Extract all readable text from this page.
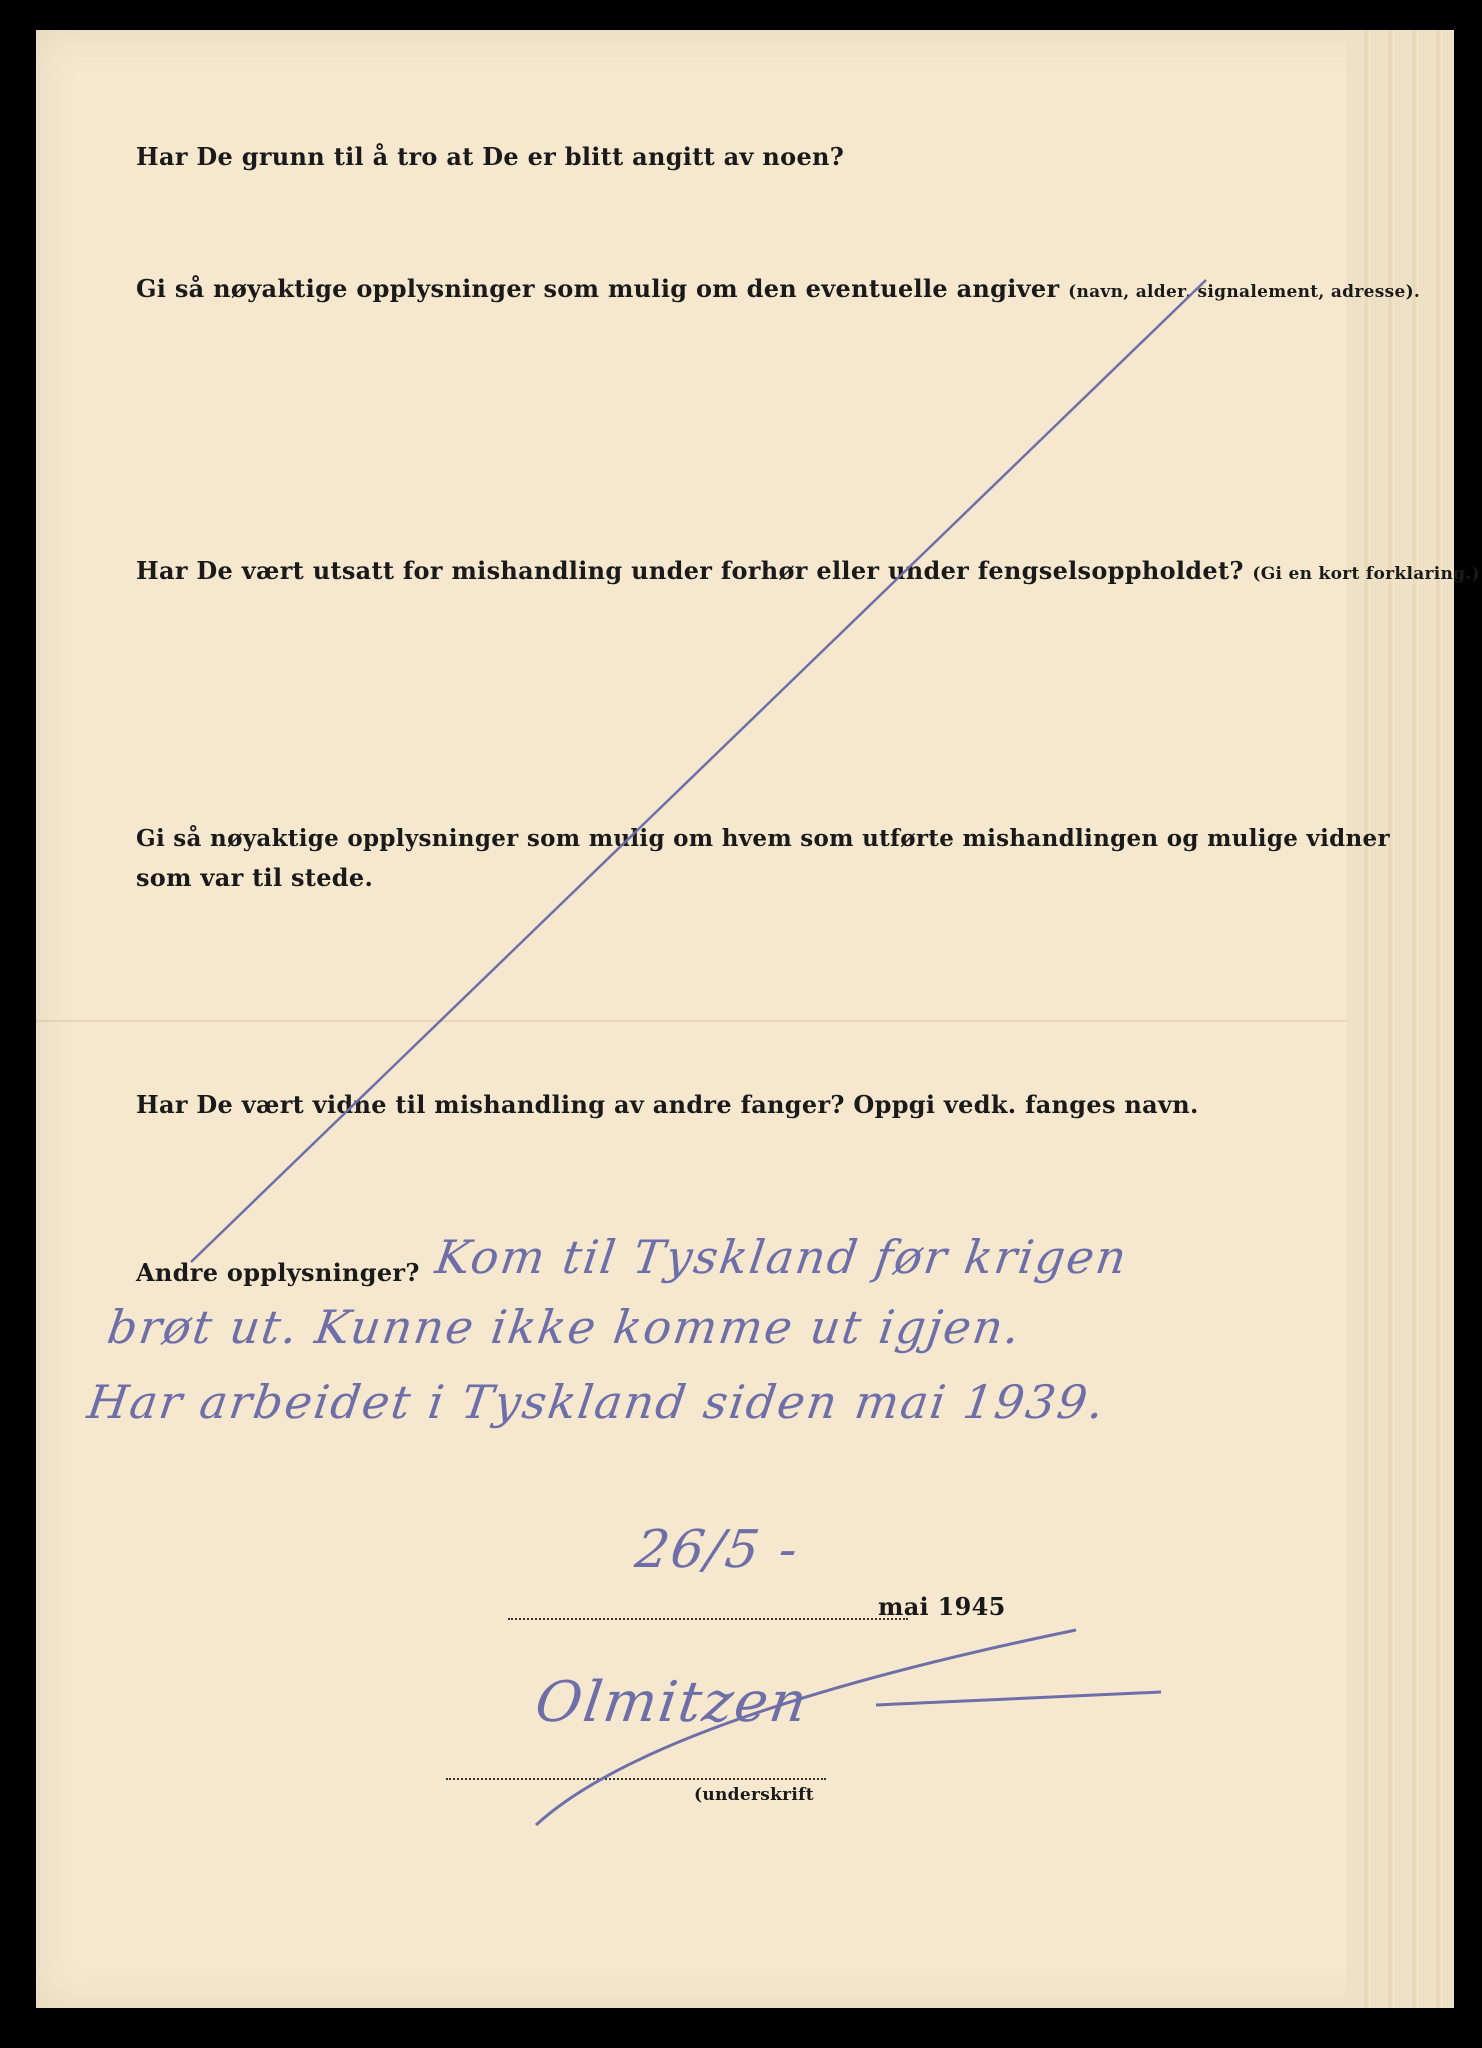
Har De grunn til å tro at De er blitt angitt av noen?
Gi så nøyaktige opplysninger som mulig om den eventuelle angiver (navn, alder, signalement, adresse).
Har De vært utsatt for mishandling under forhør eller under fengselsoppholdet? (Gi en kort forklaring.)
Gi så nøyaktige opplysninger som mulig om hvem som utførte mishandlingen og mulige vidner
som var til stede.
Har De vært vidne til mishandling av andre fanger? Oppgi vedk. fanges navn.
Andre opplysninger? Kom til Tyskland før krigen
brøt ut. Kunne ikke komme ut igjen.
Har arbeidet i Tyskland siden mai 1939.
26/5 -
mai 1945
Olmitzen
(underskrift
